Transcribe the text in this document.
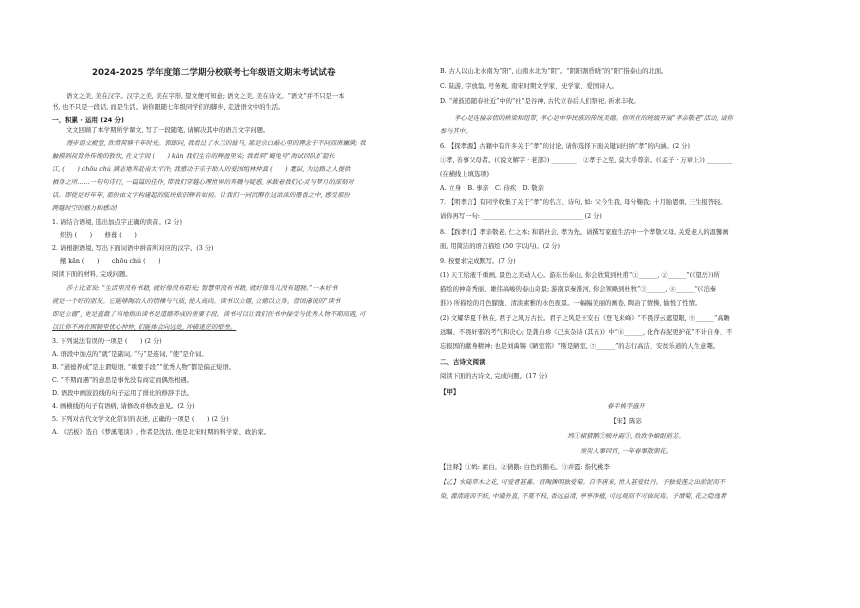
2024-2025 学年度第二学期分校联考七年级语文期末考试试卷
语文之美, 美在汉字。汉字之美, 美在字形, 望文便可知意; 语文之美, 美在诗文。“语文”并不只是一本
书, 也不只是一段话, 而是生活。请你跟随七年级同学们的脚步, 走进语文中的生活。
一、积累 · 运用 (24 分)
文文回顾了本学期所学课文, 写了一段随笔, 请解决其中的语言文字问题。
漫步语文殿堂, 欣赏荷塘千年时光。郭郎问, 我看过了水兰的彼马, 那是宗白敲心里的理念于不问而斑斓满; 我
触摸到叔背外传挽的敦坎, 在文字间 (　　) kǎn 我们生存的辉盈里实; 我看到“蜀兔号”海试回队扩超长
江, (　　) chōu chú 满志地奔赴南太平洋; 我感动于乐于助人的爱国组林仲真 (　　) 耄层, 为边路之人提供
栖身之所……一句句诗行, 一篇篇的佳作, 带我们穿越心理世界的奔腾与疑惑, 承载着我们心灵与梦月的深刻对
话。即使是好年年, 那份由文字构建起的版块依旧辉若如初。让我们一同沉醉在这浓浓的墨香之中, 感受那份
跨越时空的魅力和感动!
1. 请结合语境, 选出加点字正确的读音。(2 分)
炽热 (　　)　　修葺 (　　)
2. 请根据语境, 写出下面词语中拼音所对应的汉字。(3 分)
鳍 kǎn (　　)　　chōu chú (　　)
阅读下面的材料, 完成问题。
莎士比亚说: “生活里没有书籍, 就好像没有阳光; 智慧里没有书籍, 就好像鸟儿没有翅膀。”一本好书
就是一个好的朋友。它能够陶冶人的情操与气质, 使人高尚。读书以立德, 立德以立身。曾国藩说的“读书
即是立德”, 更是直截了当地指出读书是道德养成的重要手段。读书可以让我们在书中接受与优秀人物不期而遇, 可
以让你不再在困顿里忧心忡忡, 们能体会向远处, 冲破迷茫的壁垒。
3. 下列说法有误的一项是 (　　) (2 分)
A. 语段中加点的“就”是副词, “与”是连词, “使”是介词。
B. “道德养成”是主谓短语, “重要手段”“优秀人物”都是偏正短语。
C. “不期而遇”的意思是事先没有商定而偶然相遇。
D. 语段中画波浪线的句子运用了排比的修辞手法。
4. 画横线的句子有语病, 请修改并修改意见。(2 分)
5. 下列对古代文学文化常识的表述, 正确的一项是 (　　) (2 分)
A. 《活板》选自《梦溪笔谈》, 作者是沈括, 他是北宋时期的科学家、政治家。
B. 古人以山北水南为“阳”, 山南水北为“阴”。“阴阳割昏晓”的“阳”指泰山的北面。
C. 陆游, 字放翁, 号务观, 南宋时期文学家、史学家、爱国诗人。
D. “萧鼓追随春社近”中的“社”是谷神, 古代立春后人们祭祀, 祈求丰收。
孝心是连接亲情的桥梁和纽带, 孝心是中华民族的传统美德。你所在的班级开展“孝亲敬老”活动, 请你
参与其中。
6. 【探孝源】古籍中有许多关于“孝”的讨论, 请你选择下面关键词归纳“孝”的内涵。(2 分)
①孝, 善事父母者。(《说文解字 · 老部》) ________　②孝子之至, 莫大乎尊亲。(《孟子 · 万章上》) ________
(在横线上填选项)
A. 立身　B. 事亲　C. 侍疾　D. 敬亲
7. 【明孝言】有同学收集了关于“孝”的名言、诗句, 如: 父今生我, 母兮鞠我; 十月胎恩重, 三生报答轻。
请你再写一句: ________________________________ (2 分)
8. 【践孝行】孝亲敬老, 仁之本; 和谐社会, 孝为先。请撰写家庭生活中一个孝敬父母, 关爱老人的温馨画
面, 用简洁的语言描绘 (50 字以内)。(2 分)
9. 按要求完成默写。(7 分)
(1) 天工给液千重画, 景色之美动人心。游东岳泰山, 你会欣赏到杜甫“①______, ②______”(《望岳》)所
描绘的神奇秀丽、雄伟高峻的泰山奇景; 游南京秦淮河, 你会领略到杜牧“③______, ④______”(《泊秦
淮》) 所描绘的月色朦胧、清淡素雅的水色夜景。一幅幅美丽的画卷, 陶冶了情操, 愉悦了性情。
(2) 文耀华夏千秋在, 君子之风万古长。君子之风是王安石《登飞来峰》“不畏浮云遮望眼, ⑤______”高瞻
远瞩、不畏奸邪的考气和决心; 是龚自珍《己亥杂诗 (其五)》中“⑥______, 化作春泥更护花”不计自身、不
忘报国的献身精神; 也是刘禹锡《陋室铭》“斯是陋室, ⑦______”的志行高洁、安贫乐道的人生意趣。
二、古诗文阅读
阅读下面的古诗文, 完成问题。(17 分)
【甲】
春半桃李盛开
【宋】陈宓
鸠①裙猜鹅②映并霞③, 欣欣争媚眼前芳。
须臾人事回首, 一年春事散朝花。
【注释】①鸠: 素白。②猜鹅: 白色的鹅毛。③并霞: 指代桃李
【乙】水陆草木之花, 可爱者甚蕃。晋陶渊明独爱菊。自李唐来, 世人甚爱牡丹。予独爱莲之出淤泥而不
染, 濯清涟而不妖, 中通外直, 不蔓不枝, 香远益清, 亭亭净植, 可远观而不可亵玩焉。予谓菊, 花之隐逸者
